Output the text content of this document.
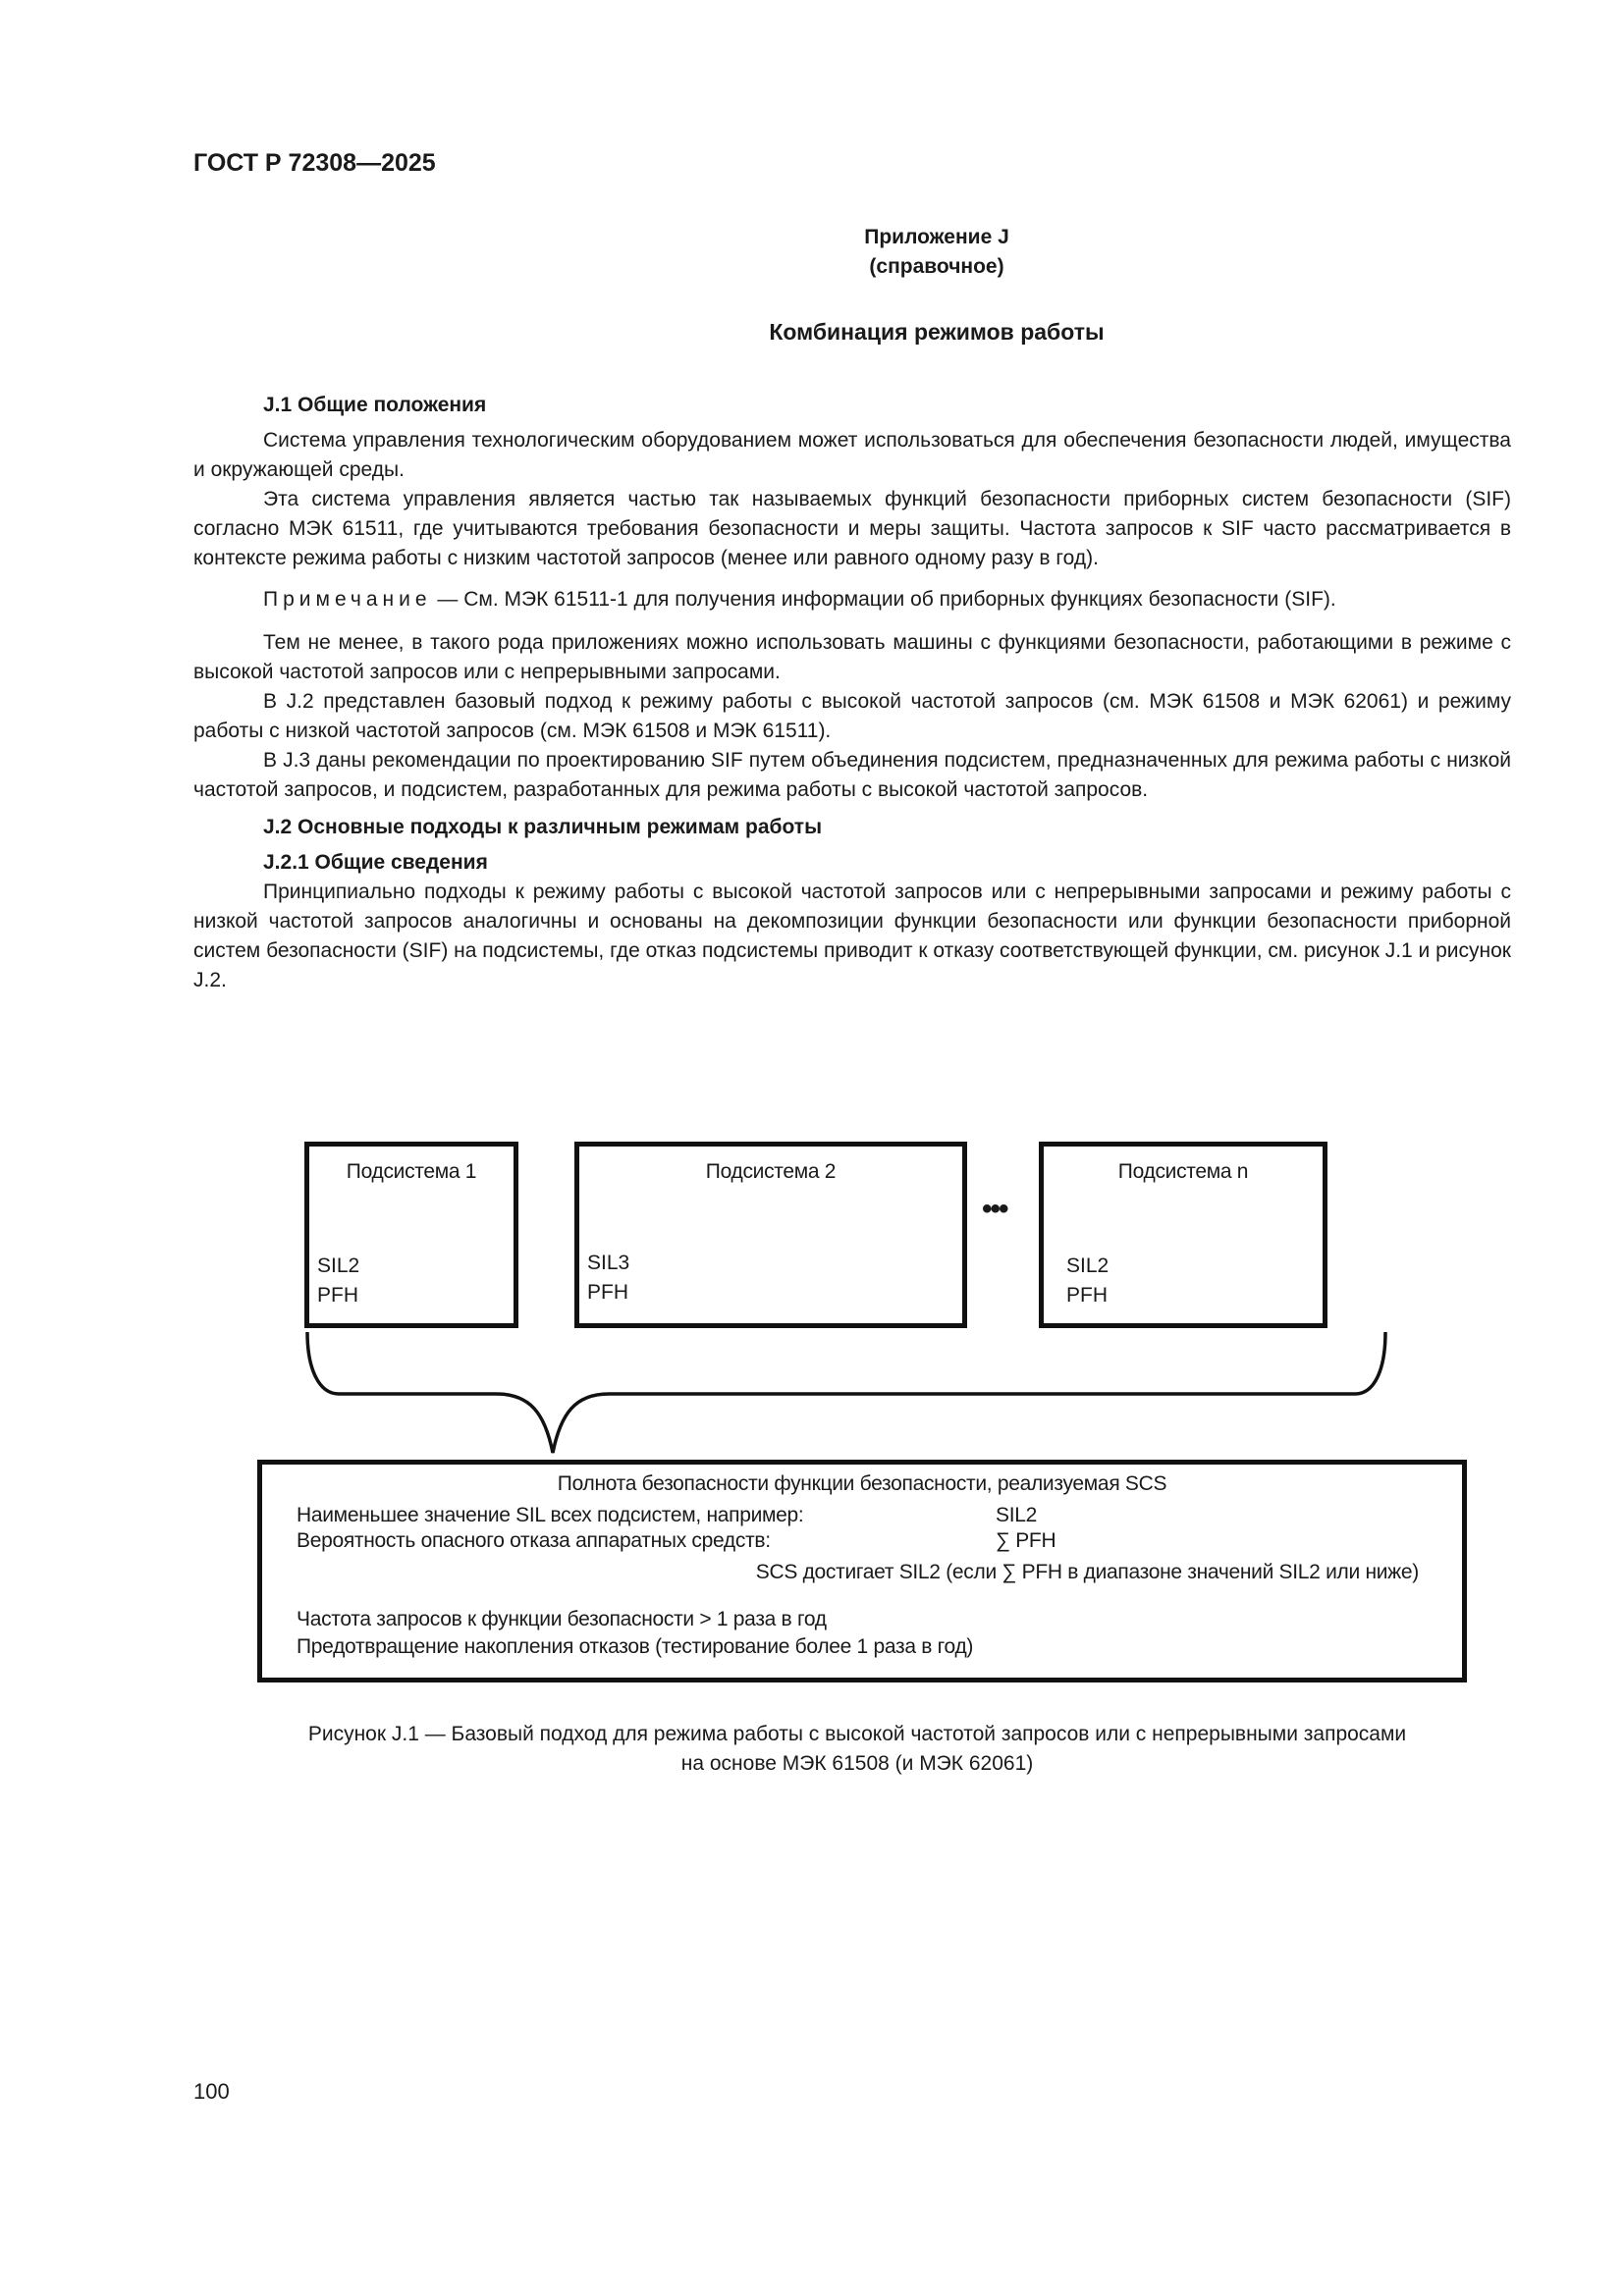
ГОСТ Р 72308—2025
Приложение J
(справочное)
Комбинация режимов работы

J.1 Общие положения

Система управления технологическим оборудованием может использоваться для обеспечения безопасности людей, имущества и окружающей среды.

Эта система управления является частью так называемых функций безопасности приборных систем безопасности (SIF) согласно МЭК 61511, где учитываются требования безопасности и меры защиты. Частота запросов к SIF часто рассматривается в контексте режима работы с низким частотой запросов (менее или равного одному разу в год).

Примечание — См. МЭК 61511-1 для получения информации об приборных функциях безопасности (SIF).

Тем не менее, в такого рода приложениях можно использовать машины с функциями безопасности, работающими в режиме с высокой частотой запросов или с непрерывными запросами.

В J.2 представлен базовый подход к режиму работы с высокой частотой запросов (см. МЭК 61508 и МЭК 62061) и режиму работы с низкой частотой запросов (см. МЭК 61508 и МЭК 61511).

В J.3 даны рекомендации по проектированию SIF путем объединения подсистем, предназначенных для режима работы с низкой частотой запросов, и подсистем, разработанных для режима работы с высокой частотой запросов.

J.2 Основные подходы к различным режимам работы

J.2.1 Общие сведения

Принципиально подходы к режиму работы с высокой частотой запросов или с непрерывными запросами и режиму работы с низкой частотой запросов аналогичны и основаны на декомпозиции функции безопасности или функции безопасности приборной систем безопасности (SIF) на подсистемы, где отказ подсистемы приводит к отказу соответствующей функции, см. рисунок J.1 и рисунок J.2.

Подсистема 1
SIL2
PFH
Подсистема 2
SIL3
PFH
•••
Подсистема n
SIL2
PFH
Полнота безопасности функции безопасности, реализуемая SCS
Наименьшее значение SIL всех подсистем, например:	SIL2
Вероятность опасного отказа аппаратных средств:	∑ PFH
SCS достигает SIL2 (если ∑ PFH в диапазоне значений SIL2 или ниже)
Частота запросов к функции безопасности > 1 раза в год
Предотвращение накопления отказов (тестирование более 1 раза в год)
Рисунок J.1 — Базовый подход для режима работы с высокой частотой запросов или с непрерывными запросами
на основе МЭК 61508 (и МЭК 62061)
100
